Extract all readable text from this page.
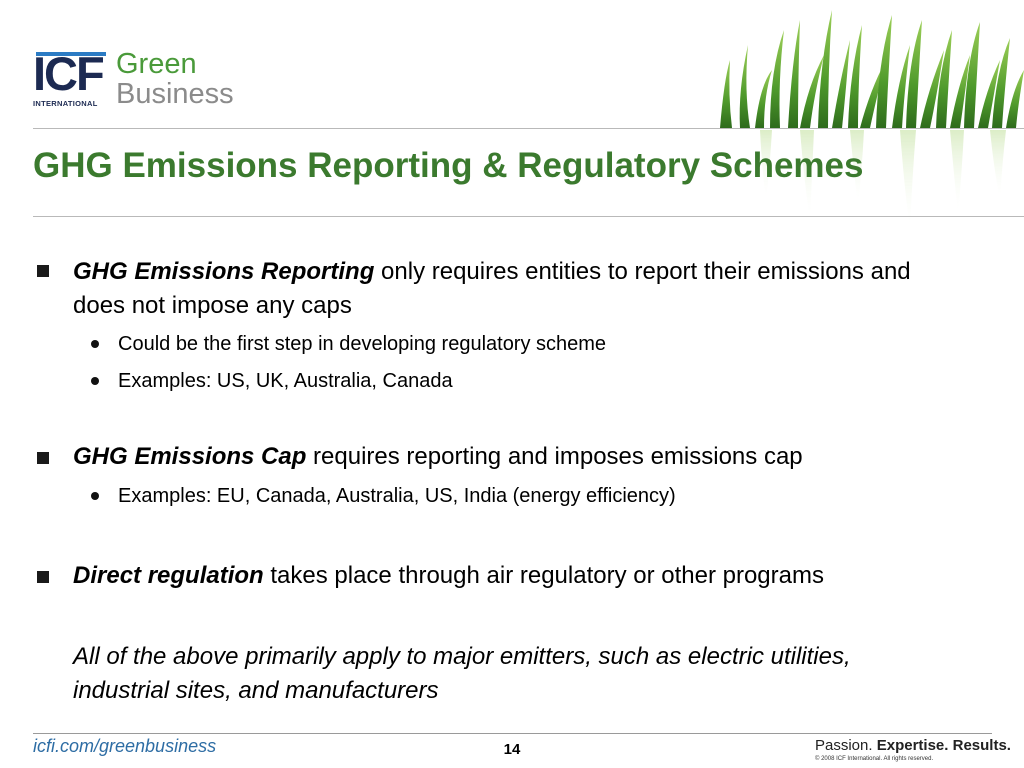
ICF
INTERNATIONAL
Green
Business
GHG Emissions Reporting & Regulatory Schemes
GHG Emissions Reporting only requires entities to report their emissions and does not impose any caps
Could be the first step in developing regulatory scheme
Examples: US, UK, Australia, Canada
GHG Emissions Cap requires reporting and imposes emissions cap
Examples: EU, Canada, Australia, US, India (energy efficiency)
Direct regulation takes place through air regulatory or other programs
All of the above primarily apply to major emitters, such as electric utilities, industrial sites, and manufacturers
icfi.com/greenbusiness	14	Passion. Expertise. Results.
© 2008 ICF International. All rights reserved.
